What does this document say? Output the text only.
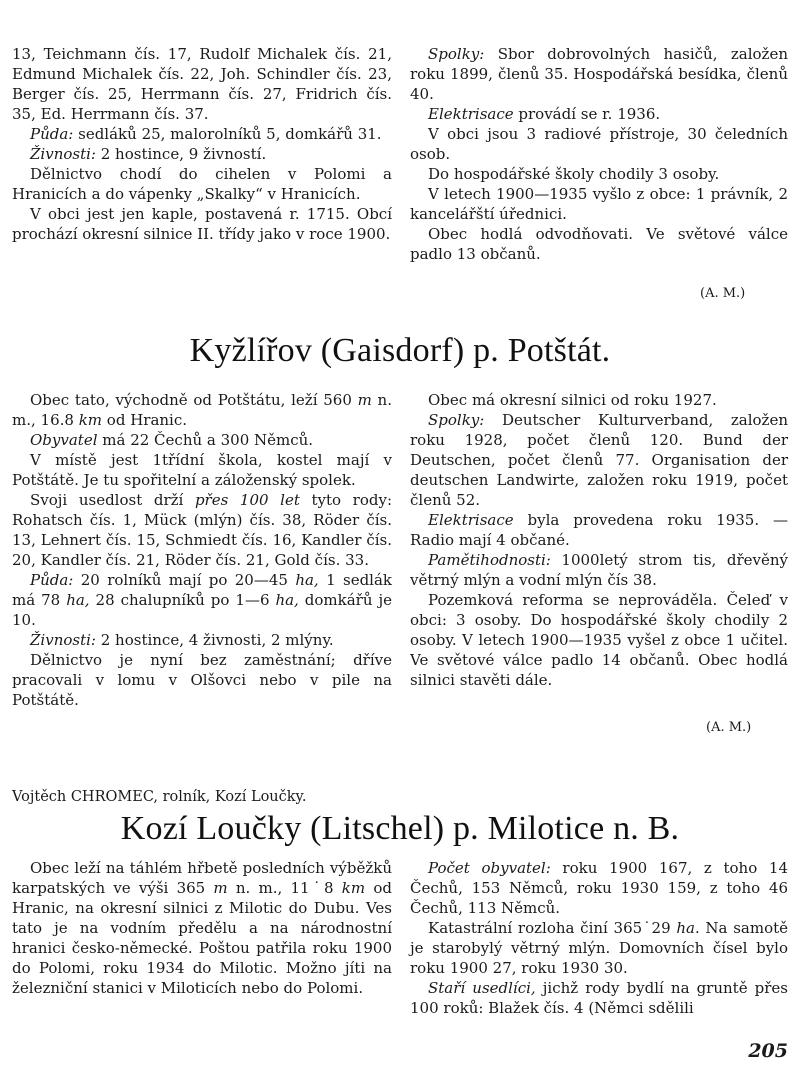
13, Teichmann čís. 17, Rudolf Michalek čís. 21, Edmund Michalek čís. 22, Joh. Schindler čís. 23, Berger čís. 25, Herrmann čís. 27, Fridrich čís. 35, Ed. Herrmann čís. 37.

Půda: sedláků 25, malorolníků 5, domkářů 31.

Živnosti: 2 hostince, 9 živností.

Dělnictvo chodí do cihelen v Polomi a Hranicích a do vápenky „Skalky“ v Hranicích.

V obci jest jen kaple, postavená r. 1715. Obcí prochází okresní silnice II. třídy jako v roce 1900.

Spolky: Sbor dobrovolných hasičů, založen roku 1899, členů 35. Hospodářská besídka, členů 40.

Elektrisace provádí se r. 1936.

V obci jsou 3 radiové přístroje, 30 čeledních osob.

Do hospodářské školy chodily 3 osoby.

V letech 1900—1935 vyšlo z obce: 1 právník, 2 kancelářští úřednici.

Obec hodlá odvodňovati. Ve světové válce padlo 13 občanů.

(A. M.)
Kyžlířov (Gaisdorf) p. Potštát.

Obec tato, východně od Potštátu, leží 560 m n. m., 16.8 km od Hranic.

Obyvatel má 22 Čechů a 300 Němců.

V místě jest 1třídní škola, kostel mají v Potštátě. Je tu spořitelní a záloženský spolek.

Svoji usedlost drží přes 100 let tyto rody: Rohatsch čís. 1, Mück (mlýn) čís. 38, Röder čís. 13, Lehnert čís. 15, Schmiedt čís. 16, Kandler čís. 20, Kandler čís. 21, Röder čís. 21, Gold čís. 33.

Půda: 20 rolníků mají po 20—45 ha, 1 sedlák má 78 ha, 28 chalupníků po 1—6 ha, domkářů je 10.

Živnosti: 2 hostince, 4 živnosti, 2 mlýny.

Dělnictvo je nyní bez zaměstnání; dříve pracovali v lomu v Olšovci nebo v pile na Potštátě.

Obec má okresní silnici od roku 1927.

Spolky: Deutscher Kulturverband, založen roku 1928, počet členů 120. Bund der Deutschen, počet členů 77. Organisation der deutschen Landwirte, založen roku 1919, počet členů 52.

Elektrisace byla provedena roku 1935. — Radio mají 4 občané.

Pamětihodnosti: 1000letý strom tis, dřevěný větrný mlýn a vodní mlýn čís 38.

Pozemková reforma se neprováděla. Čeleď v obci: 3 osoby. Do hospodářské školy chodily 2 osoby. V letech 1900—1935 vyšel z obce 1 učitel. Ve světové válce padlo 14 občanů. Obec hodlá silnici stavěti dále.

(A. M.)
Vojtěch CHROMEC, rolník, Kozí Loučky.
Kozí Loučky (Litschel) p. Milotice n. B.

Obec leží na táhlém hřbetě posledních výběžků karpatských ve výši 365 m n. m., 11˙8 km od Hranic, na okresní silnici z Milotic do Dubu. Ves tato je na vodním předělu a na národnostní hranici česko-německé. Poštou patřila roku 1900 do Polomi, roku 1934 do Milotic. Možno jíti na železniční stanici v Miloticích nebo do Polomi.

Počet obyvatel: roku 1900 167, z toho 14 Čechů, 153 Němců, roku 1930 159, z toho 46 Čechů, 113 Němců.

Katastrální rozloha činí 365˙29 ha. Na samotě je starobylý větrný mlýn. Domovních čísel bylo roku 1900 27, roku 1930 30.

Staří usedlíci, jichž rody bydlí na gruntě přes 100 roků: Blažek čís. 4 (Němci sdělili

205
